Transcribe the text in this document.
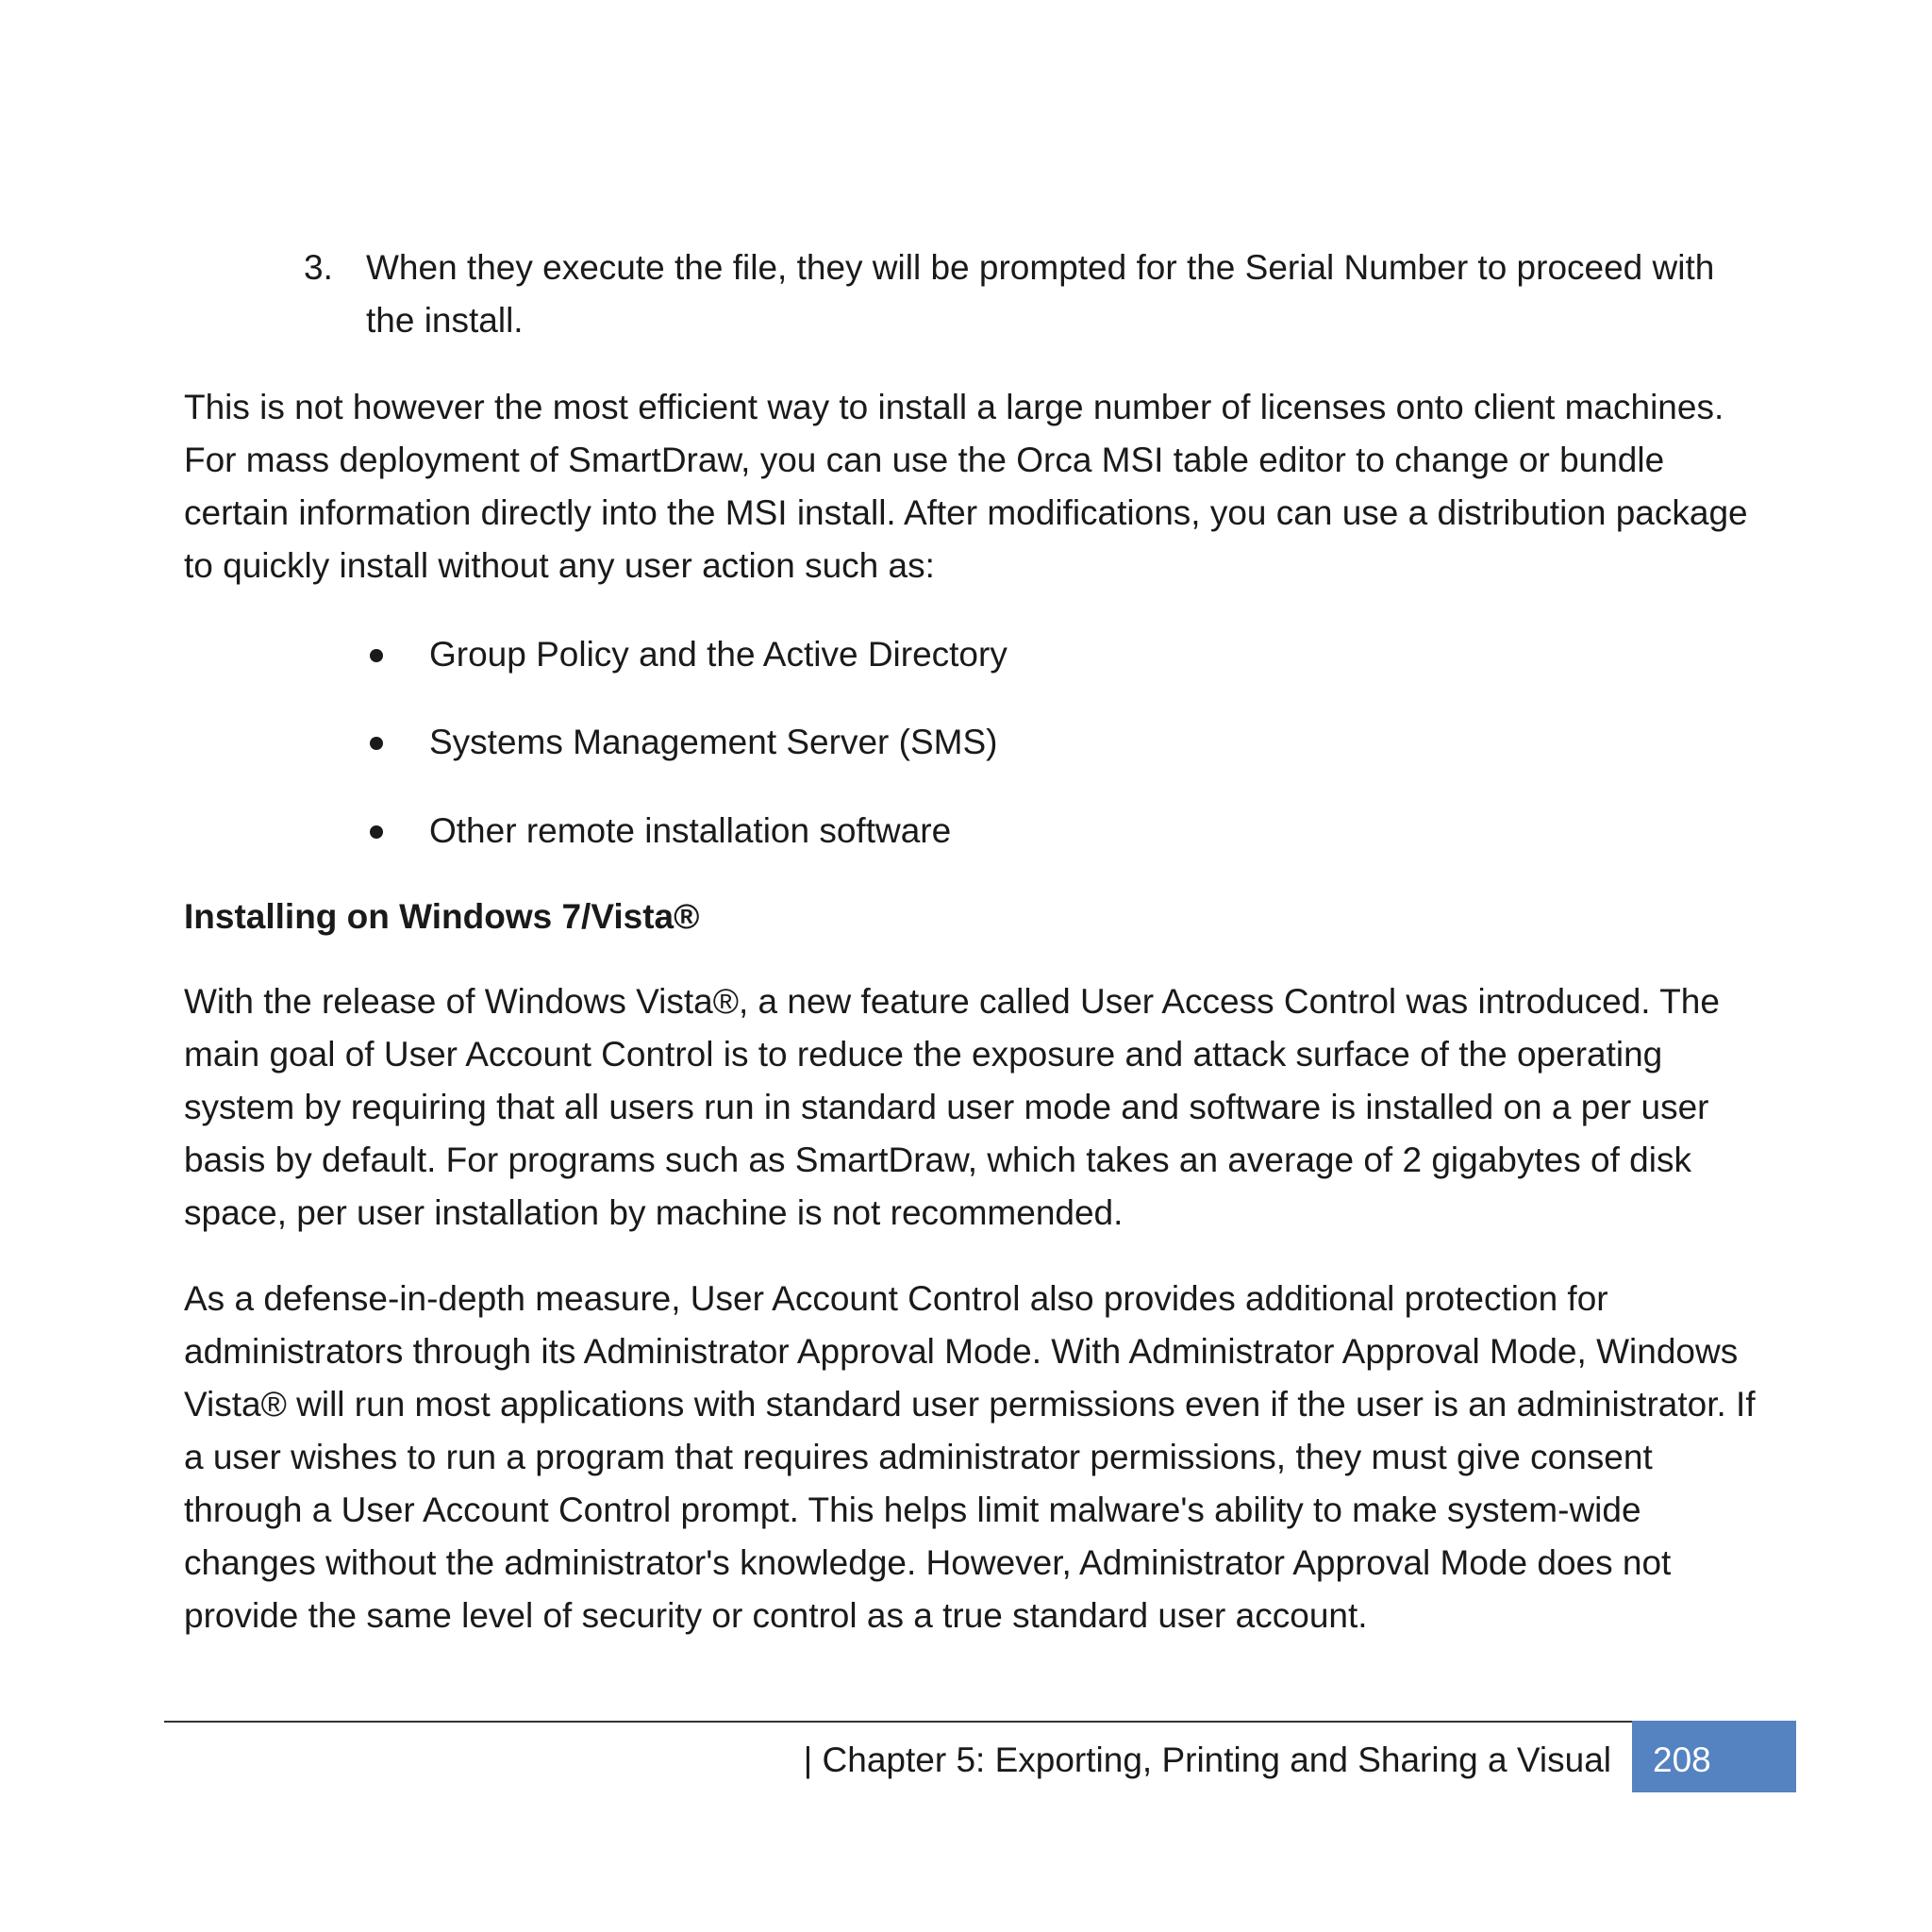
3. When they execute the file, they will be prompted for the Serial Number to proceed with the install.

This is not however the most efficient way to install a large number of licenses onto client machines. For mass deployment of SmartDraw, you can use the Orca MSI table editor to change or bundle certain information directly into the MSI install. After modifications, you can use a distribution package to quickly install without any user action such as:

Group Policy and the Active Directory
Systems Management Server (SMS)
Other remote installation software
Installing on Windows 7/Vista®

With the release of Windows Vista®, a new feature called User Access Control was introduced. The main goal of User Account Control is to reduce the exposure and attack surface of the operating system by requiring that all users run in standard user mode and software is installed on a per user basis by default. For programs such as SmartDraw, which takes an average of 2 gigabytes of disk space, per user installation by machine is not recommended.

As a defense-in-depth measure, User Account Control also provides additional protection for administrators through its Administrator Approval Mode. With Administrator Approval Mode, Windows Vista® will run most applications with standard user permissions even if the user is an administrator. If a user wishes to run a program that requires administrator permissions, they must give consent through a User Account Control prompt. This helps limit malware's ability to make system-wide changes without the administrator's knowledge. However, Administrator Approval Mode does not provide the same level of security or control as a true standard user account.

| Chapter 5: Exporting, Printing and Sharing a Visual 208
